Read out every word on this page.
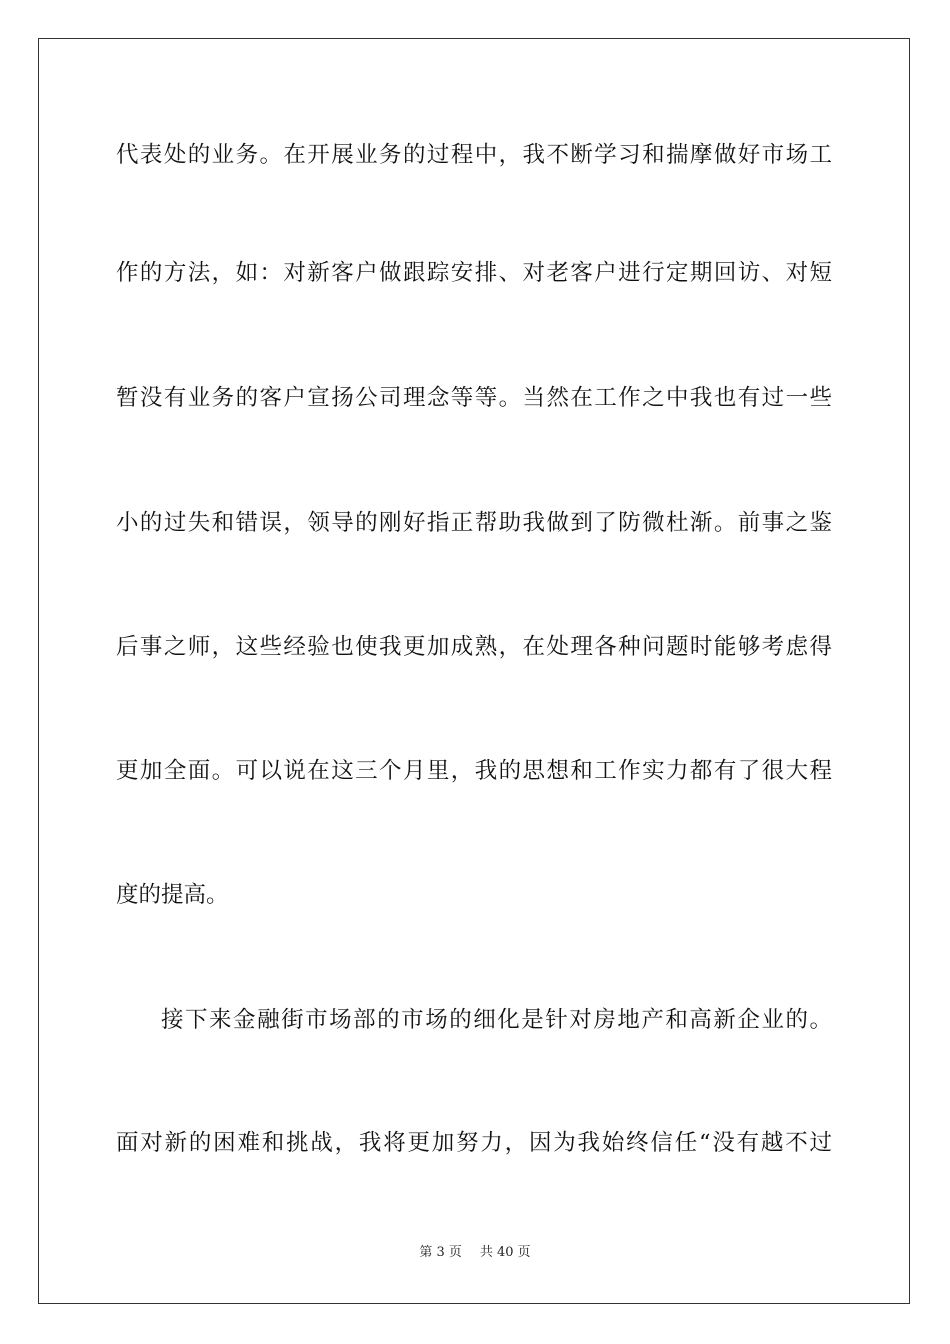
代表处的业务。在开展业务的过程中，我不断学习和揣摩做好市场工
作的方法，如：对新客户做跟踪安排、对老客户进行定期回访、对短
暂没有业务的客户宣扬公司理念等等。当然在工作之中我也有过一些
小的过失和错误，领导的刚好指正帮助我做到了防微杜渐。前事之鉴
后事之师，这些经验也使我更加成熟，在处理各种问题时能够考虑得
更加全面。可以说在这三个月里，我的思想和工作实力都有了很大程
度的提高。
接下来金融街市场部的市场的细化是针对房地产和高新企业的。
面对新的困难和挑战，我将更加努力，因为我始终信任“没有越不过
第 3 页 共 40 页
